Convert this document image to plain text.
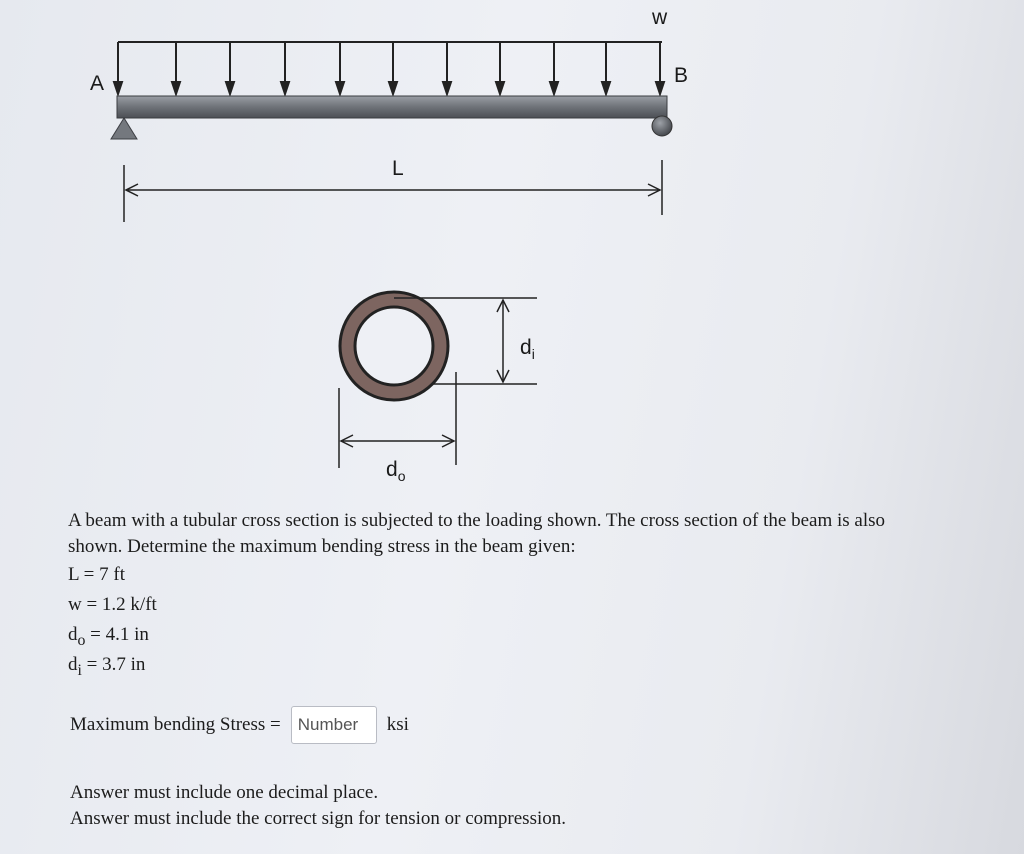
w
A	B
L
$d_i$
$d_o$

A beam with a tubular cross section is subjected to the loading shown. The cross section of the beam is also

shown. Determine the maximum bending stress in the beam given:

L = 7 ft
w = 1.2 k/ft
$d_o = 4.1$ in
$d_i = 3.7$ in
Maximum bending Stress =
Number	ksi
Answer must include one decimal place.
Answer must include the correct sign for tension or compression.
